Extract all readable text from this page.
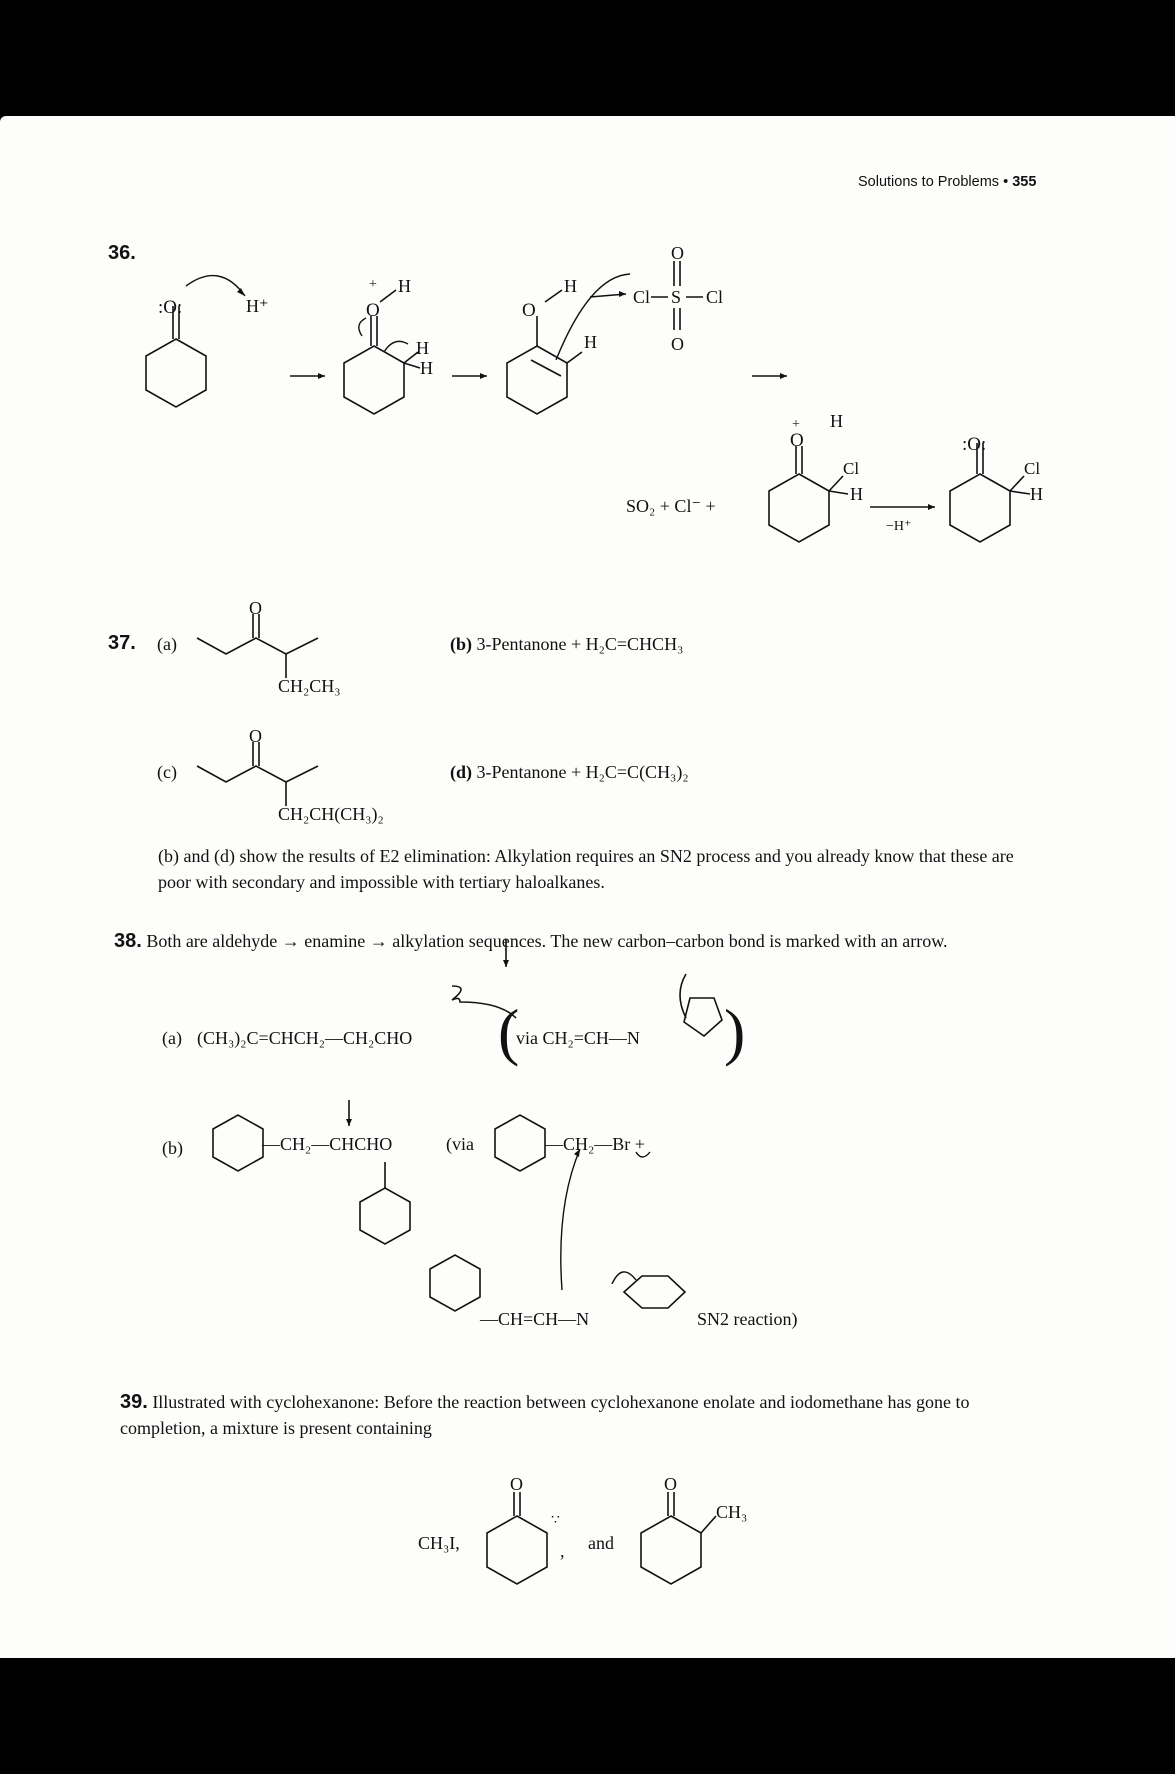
Solutions to Problems • 355
36.
:O:	H⁺	O
+ H
H
H
O
H
H
Cl S Cl
O
O
SO₂ + Cl⁻ +
O
+ H
Cl
H
−H⁺
:O:
Cl
H
O
O
O
∵
O
CH₃
37. (a)
CH₂CH₃
(b) 3-Pentanone + H₂C=CHCH₃
(c)
CH₂CH(CH₃)₂
(d) 3-Pentanone + H₂C=C(CH₃)₂
(b) and (d) show the results of E2 elimination: Alkylation requires an SN2 process and you already know that these are poor with secondary and impossible with tertiary haloalkanes.
38. Both are aldehyde → enamine → alkylation sequences. The new carbon–carbon bond is marked with an arrow.
(a) (CH₃)₂C=CHCH₂—CH₂CHO (
via CH₂=CH—N )
(b)	—CH₂—CHCHO	(via	—CH₂—Br +
—CH=CH—N	SN2 reaction)
39. Illustrated with cyclohexanone: Before the reaction between cyclohexanone enolate and iodomethane has gone to completion, a mixture is present containing
CH₃I,	, and
